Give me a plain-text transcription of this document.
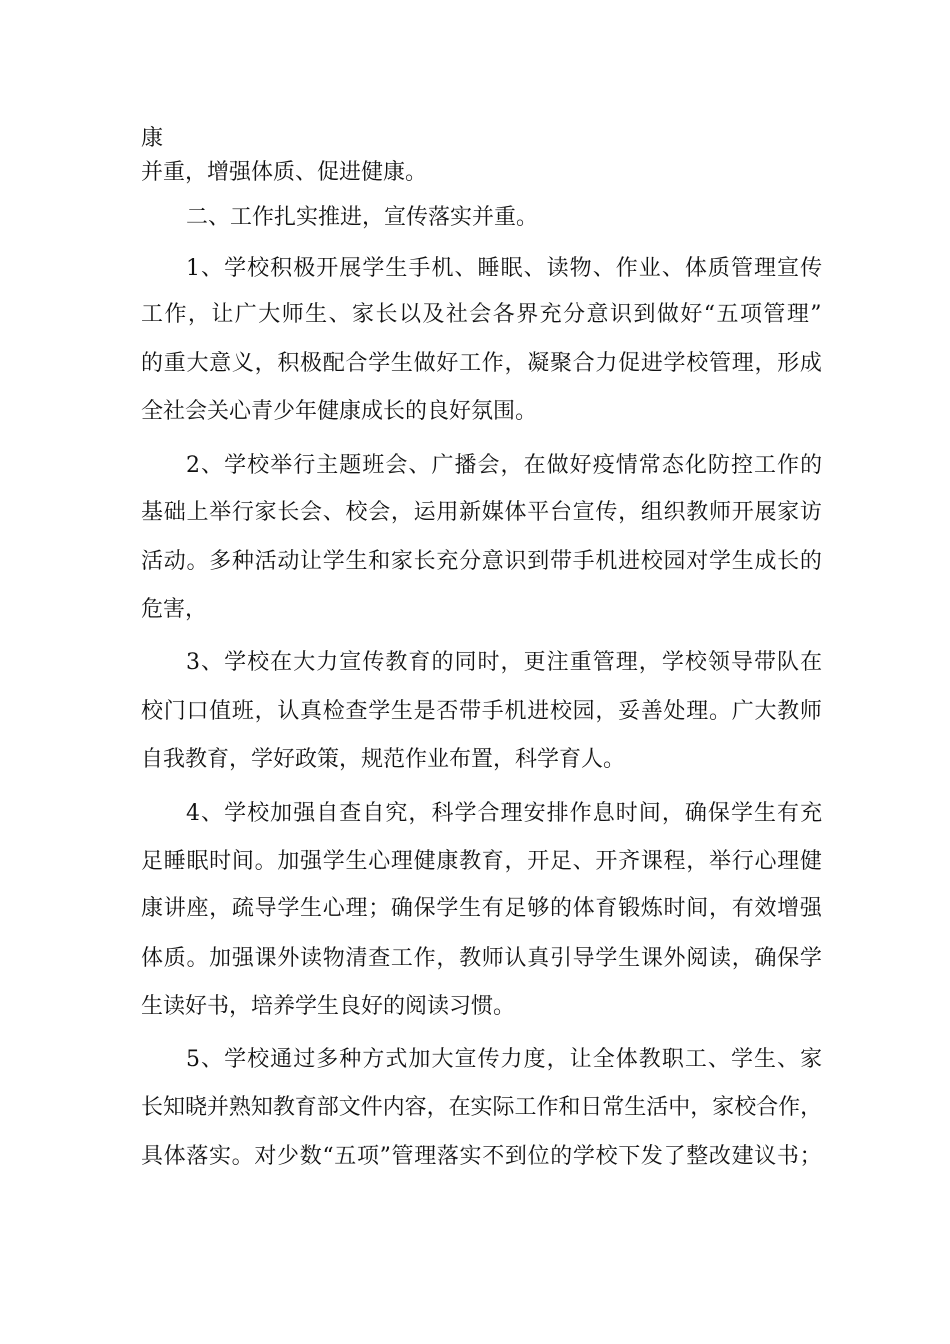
康
并重，增强体质、促进健康。
二、工作扎实推进，宣传落实并重。
1、学校积极开展学生手机、睡眠、读物、作业、体质管理宣传
工作，让广大师生、家长以及社会各界充分意识到做好“五项管理”
的重大意义，积极配合学生做好工作，凝聚合力促进学校管理，形成
全社会关心青少年健康成长的良好氛围。
2、学校举行主题班会、广播会，在做好疫情常态化防控工作的
基础上举行家长会、校会，运用新媒体平台宣传，组织教师开展家访
活动。多种活动让学生和家长充分意识到带手机进校园对学生成长的
危害，
3、学校在大力宣传教育的同时，更注重管理，学校领导带队在
校门口值班，认真检查学生是否带手机进校园，妥善处理。广大教师
自我教育，学好政策，规范作业布置，科学育人。
4、学校加强自查自究，科学合理安排作息时间，确保学生有充
足睡眠时间。加强学生心理健康教育，开足、开齐课程，举行心理健
康讲座，疏导学生心理；确保学生有足够的体育锻炼时间，有效增强
体质。加强课外读物清查工作，教师认真引导学生课外阅读，确保学
生读好书，培养学生良好的阅读习惯。
5、学校通过多种方式加大宣传力度，让全体教职工、学生、家
长知晓并熟知教育部文件内容，在实际工作和日常生活中，家校合作，
具体落实。对少数“五项”管理落实不到位的学校下发了整改建议书；
